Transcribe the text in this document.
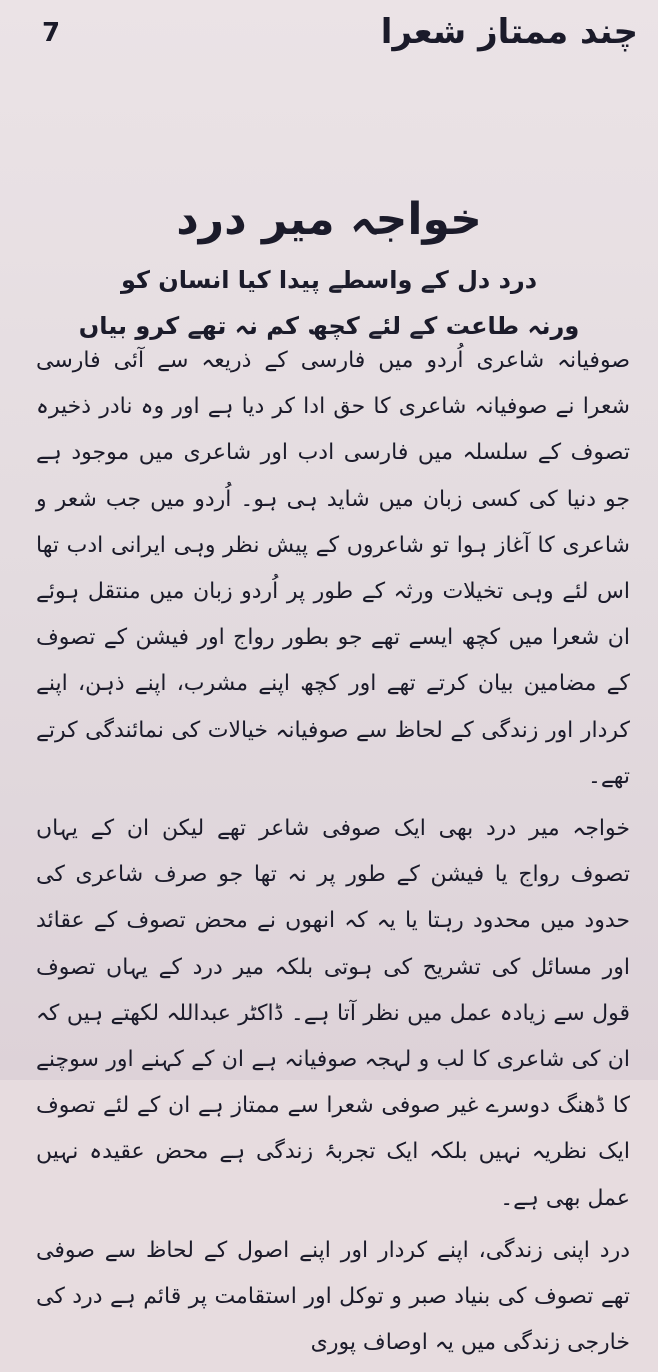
چند ممتاز شعرا
7
خواجہ میر درد
درد دل کے واسطے پیدا کیا انسان کو
ورنہ طاعت کے لئے کچھ کم نہ تھے کرو بیاں

صوفیانہ شاعری اُردو میں فارسی کے ذریعہ سے آئی فارسی شعرا نے صوفیانہ شاعری کا حق ادا کر دیا ہے اور وہ نادر ذخیرہ تصوف کے سلسلہ میں فارسی ادب اور شاعری میں موجود ہے جو دنیا کی کسی زبان میں شاید ہی ہو۔ اُردو میں جب شعر و شاعری کا آغاز ہوا تو شاعروں کے پیش نظر وہی ایرانی ادب تھا اس لئے وہی تخیلات ورثہ کے طور پر اُردو زبان میں منتقل ہوئے ان شعرا میں کچھ ایسے تھے جو بطور رواج اور فیشن کے تصوف کے مضامین بیان کرتے تھے اور کچھ اپنے مشرب، اپنے ذہن، اپنے کردار اور زندگی کے لحاظ سے صوفیانہ خیالات کی نمائندگی کرتے تھے۔

خواجہ میر درد بھی ایک صوفی شاعر تھے لیکن ان کے یہاں تصوف رواج یا فیشن کے طور پر نہ تھا جو صرف شاعری کی حدود میں محدود رہتا یا یہ کہ انھوں نے محض تصوف کے عقائد اور مسائل کی تشریح کی ہوتی بلکہ میر درد کے یہاں تصوف قول سے زیادہ عمل میں نظر آتا ہے۔ ڈاکٹر عبداللہ لکھتے ہیں کہ ان کی شاعری کا لب و لہجہ صوفیانہ ہے ان کے کہنے اور سوچنے کا ڈھنگ دوسرے غیر صوفی شعرا سے ممتاز ہے ان کے لئے تصوف ایک نظریہ نہیں بلکہ ایک تجربۂ زندگی ہے محض عقیدہ نہیں عمل بھی ہے۔

درد اپنی زندگی، اپنے کردار اور اپنے اصول کے لحاظ سے صوفی تھے تصوف کی بنیاد صبر و توکل اور استقامت پر قائم ہے درد کی خارجی زندگی میں یہ اوصاف پوری
